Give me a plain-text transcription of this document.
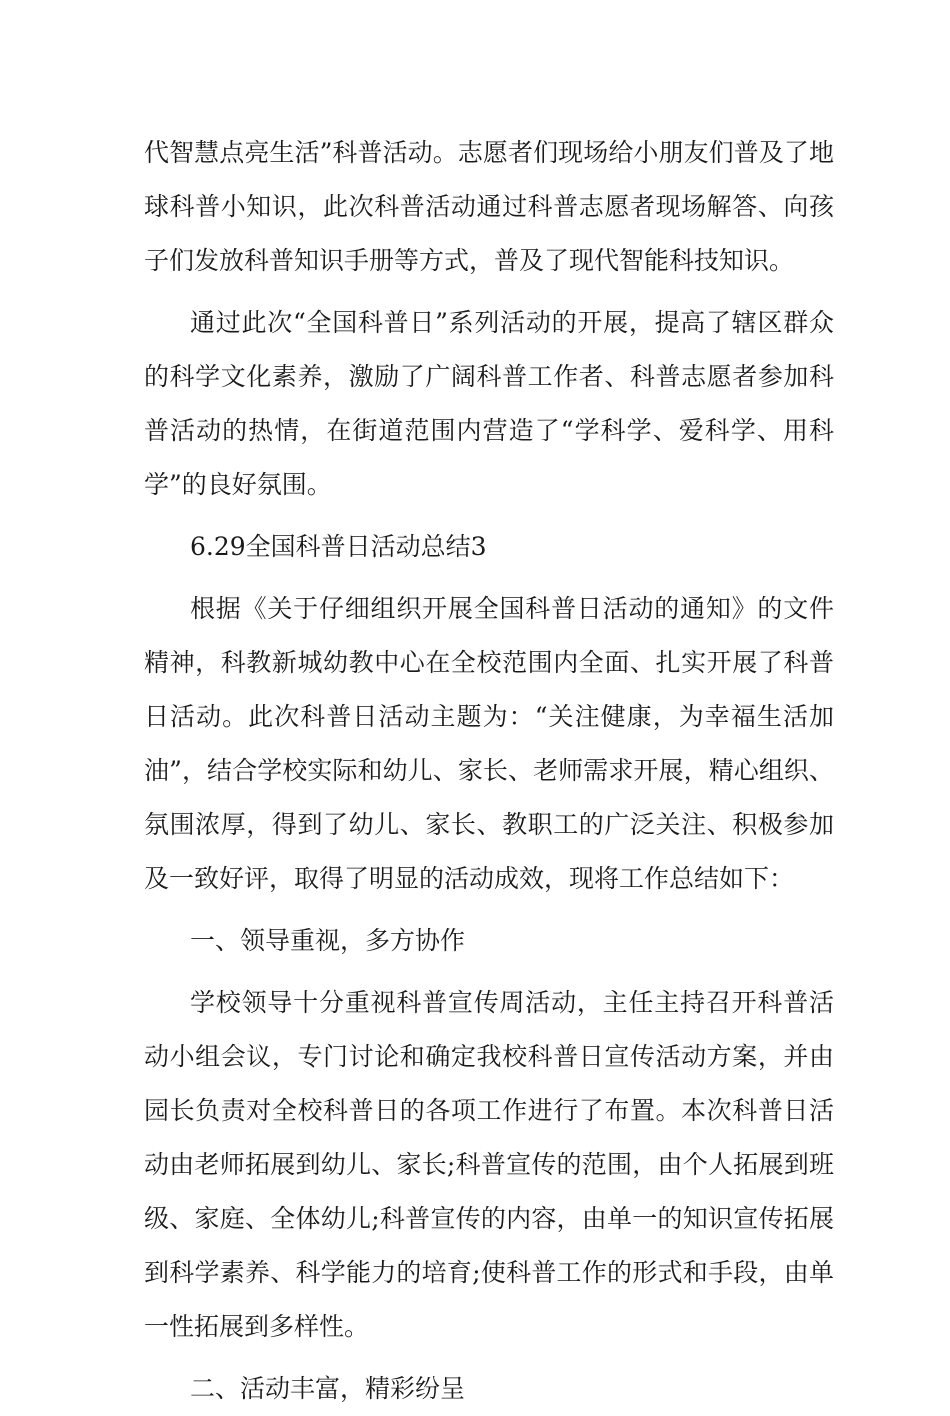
代智慧点亮生活”科普活动。志愿者们现场给小朋友们普及了地球科普小知识，此次科普活动通过科普志愿者现场解答、向孩子们发放科普知识手册等方式，普及了现代智能科技知识。

通过此次“全国科普日”系列活动的开展，提高了辖区群众的科学文化素养，激励了广阔科普工作者、科普志愿者参加科普活动的热情，在街道范围内营造了“学科学、爱科学、用科学”的良好氛围。

6.29全国科普日活动总结3

根据《关于仔细组织开展全国科普日活动的通知》的文件精神，科教新城幼教中心在全校范围内全面、扎实开展了科普日活动。此次科普日活动主题为：“关注健康，为幸福生活加油”，结合学校实际和幼儿、家长、老师需求开展，精心组织、氛围浓厚，得到了幼儿、家长、教职工的广泛关注、积极参加及一致好评，取得了明显的活动成效，现将工作总结如下：

一、领导重视，多方协作

学校领导十分重视科普宣传周活动，主任主持召开科普活动小组会议，专门讨论和确定我校科普日宣传活动方案，并由园长负责对全校科普日的各项工作进行了布置。本次科普日活动由老师拓展到幼儿、家长;科普宣传的范围，由个人拓展到班级、家庭、全体幼儿;科普宣传的内容，由单一的知识宣传拓展到科学素养、科学能力的培育;使科普工作的形式和手段，由单一性拓展到多样性。

二、活动丰富，精彩纷呈
